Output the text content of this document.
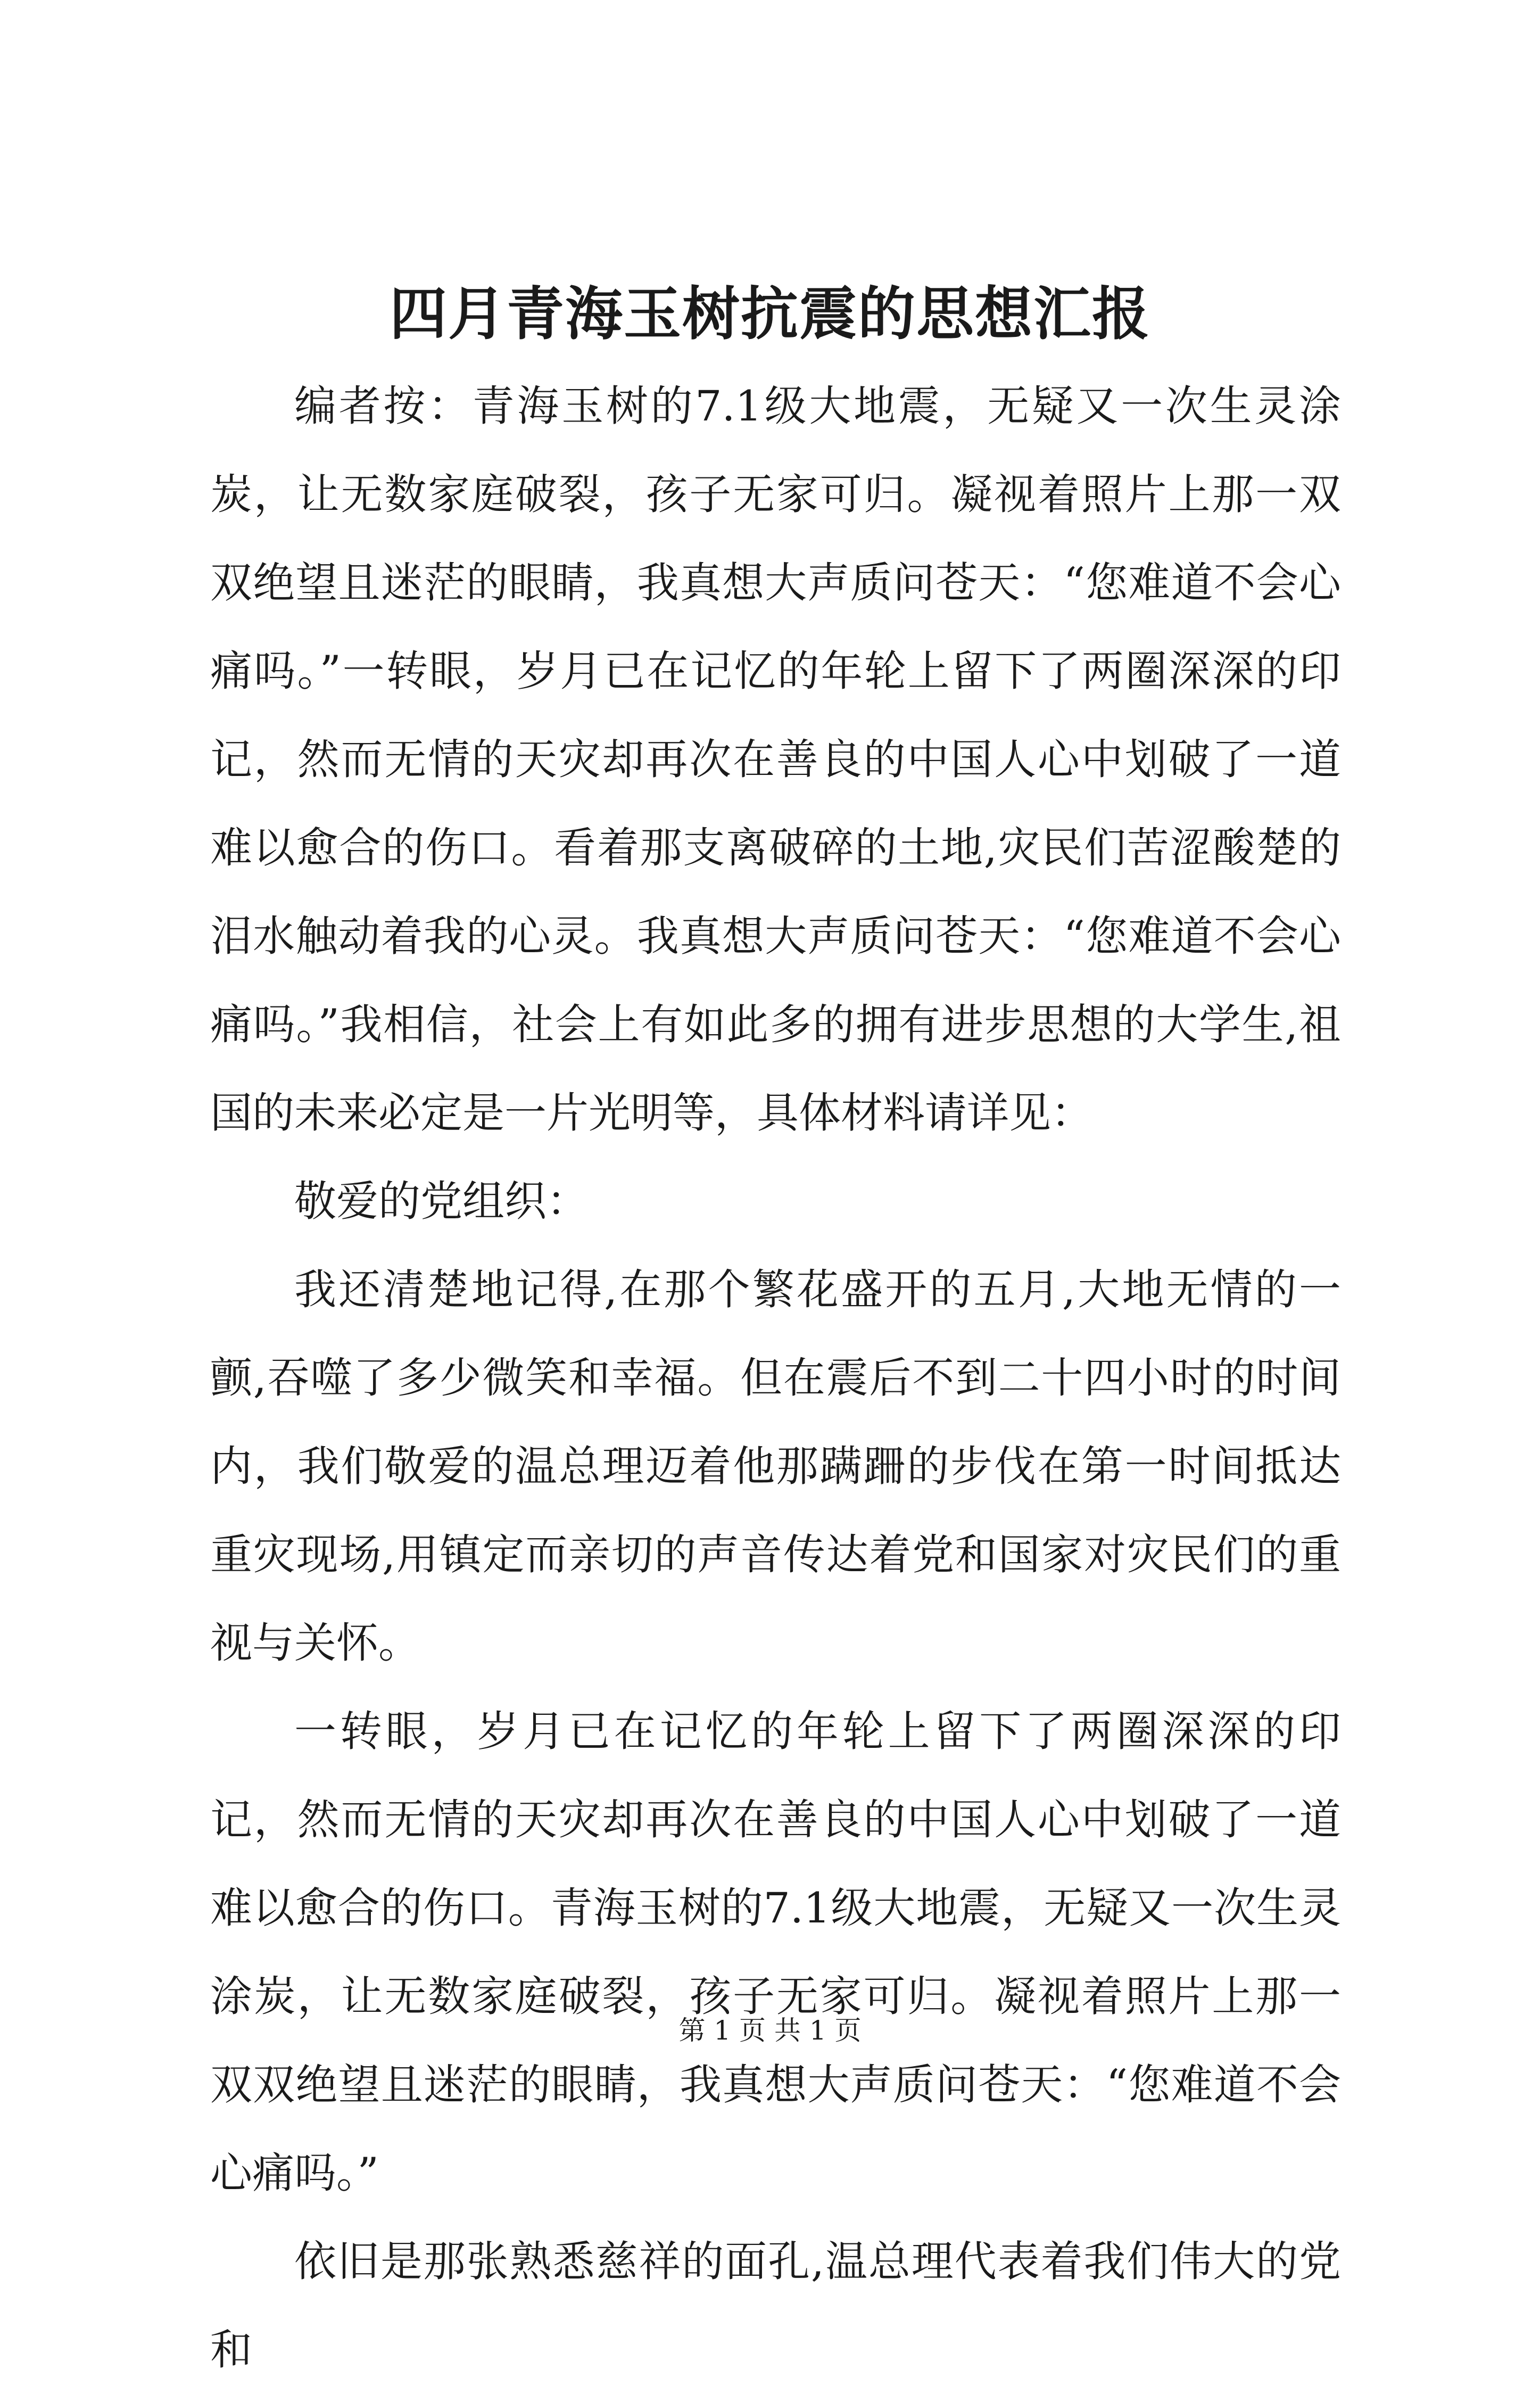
四月青海玉树抗震的思想汇报

编者按：青海玉树的7.1级大地震，无疑又一次生灵涂炭，让无数家庭破裂，孩子无家可归。凝视着照片上那一双双绝望且迷茫的眼睛，我真想大声质问苍天：“您难道不会心痛吗。”一转眼，岁月已在记忆的年轮上留下了两圈深深的印记，然而无情的天灾却再次在善良的中国人心中划破了一道难以愈合的伤口。看着那支离破碎的土地,灾民们苦涩酸楚的泪水触动着我的心灵。我真想大声质问苍天：“您难道不会心痛吗。”我相信，社会上有如此多的拥有进步思想的大学生,祖国的未来必定是一片光明等，具体材料请详见：

敬爱的党组织：

我还清楚地记得,在那个繁花盛开的五月,大地无情的一颤,吞噬了多少微笑和幸福。但在震后不到二十四小时的时间内，我们敬爱的温总理迈着他那蹒跚的步伐在第一时间抵达重灾现场,用镇定而亲切的声音传达着党和国家对灾民们的重视与关怀。

一转眼，岁月已在记忆的年轮上留下了两圈深深的印记，然而无情的天灾却再次在善良的中国人心中划破了一道难以愈合的伤口。青海玉树的7.1级大地震，无疑又一次生灵涂炭，让无数家庭破裂，孩子无家可归。凝视着照片上那一双双绝望且迷茫的眼睛，我真想大声质问苍天：“您难道不会心痛吗。”

依旧是那张熟悉慈祥的面孔,温总理代表着我们伟大的党和

第 1 页 共 1 页
